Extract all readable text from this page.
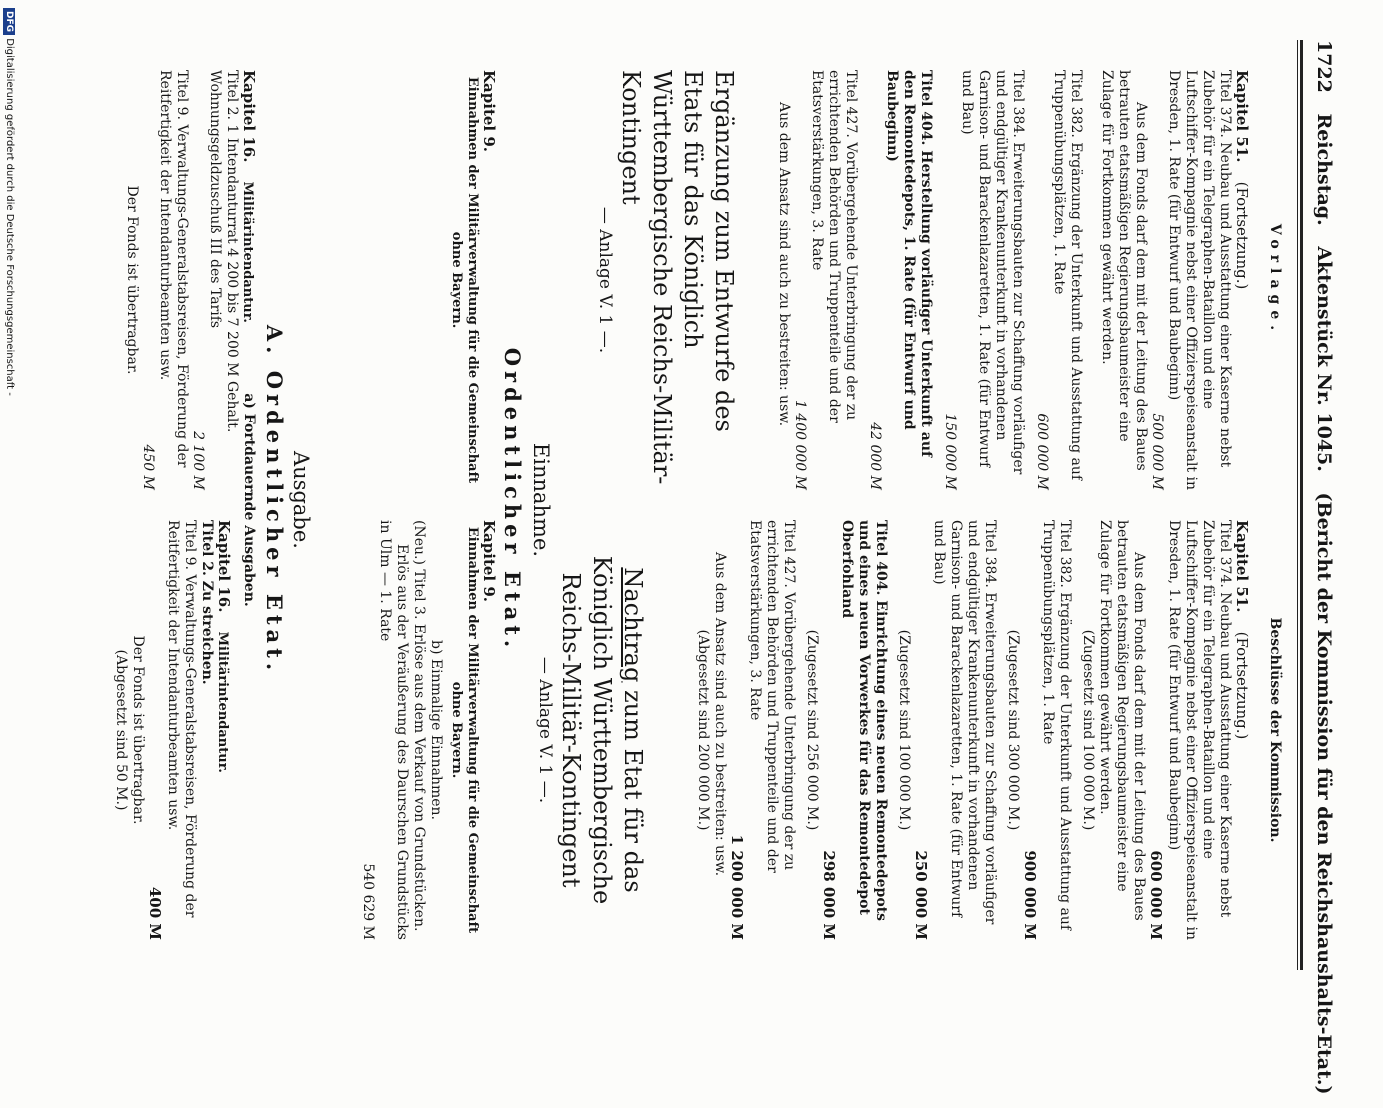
1722 Reichstag. Aktenstück Nr. 1045. (Bericht der Kommission für den Reichshaushalts-Etat.)
Vorlage.
Kapitel 51. (Fortsetzung.)
Titel 374. Neubau und Ausstattung einer Kaserne nebst Zubehör für ein Telegraphen-Bataillon und eine Luftschiffer-Kompagnie nebst einer Offizierspeiseanstalt in Dresden, 1. Rate (für Entwurf und Baubeginn)
500 000 M
Aus dem Fonds darf dem mit der Leitung des Baues betrauten etatsmäßigen Regierungsbaumeister eine Zulage für Fortkommen gewährt werden.
Titel 382. Ergänzung der Unterkunft und Ausstattung auf Truppenübungsplätzen, 1. Rate
600 000 M
Titel 384. Erweiterungsbauten zur Schaffung vorläufiger und endgültiger Krankenunterkunft in vorhandenen Garnison- und Barackenlazaretten, 1. Rate (für Entwurf und Bau)
150 000 M
Titel 404. Herstellung vorläufiger Unterkunft auf den Remontedepots, 1. Rate (für Entwurf und Baubeginn)
42 000 M
Titel 427. Vorübergehende Unterbringung der zu errichtenden Behörden und Truppenteile und der Etatsverstärkungen, 3. Rate
1 400 000 M
Aus dem Ansatz sind auch zu bestreiten: usw.
Ergänzung zum Entwurfe des Etats für das Königlich Württembergische Reichs-Militär-Kontingent
— Anlage V. 1 —.
Kapitel 9.
Einnahmen der Militärverwaltung für die Gemeinschaft ohne Bayern.
Kapitel 16. Militärintendantur.
Titel 2. 1 Intendanturrat 4 200 bis 7 200 M Gehalt. Wohnungsgeldzuschuß III des Tarifs
2 100 M
Titel 9. Verwaltungs-Generalstabsreisen, Förderung der Reitfertigkeit der Intendanturbeamten usw.
450 M
Der Fonds ist übertragbar.
Einnahme.
Ordentlicher Etat.
Ausgabe.
A. Ordentlicher Etat.
a) Fortdauernde Ausgaben.
Beschlüsse der Kommission.
Kapitel 51. (Fortsetzung.)
Titel 374. Neubau und Ausstattung einer Kaserne nebst Zubehör für ein Telegraphen-Bataillon und eine Luftschiffer-Kompagnie nebst einer Offizierspeiseanstalt in Dresden, 1. Rate (für Entwurf und Baubeginn)
600 000 M
Aus dem Fonds darf dem mit der Leitung des Baues betrauten etatsmäßigen Regierungsbaumeister eine Zulage für Fortkommen gewährt werden.
(Zugesetzt sind 100 000 M.)
Titel 382. Ergänzung der Unterkunft und Ausstattung auf Truppenübungsplätzen, 1. Rate
900 000 M
(Zugesetzt sind 300 000 M.)
Titel 384. Erweiterungsbauten zur Schaffung vorläufiger und endgültiger Krankenunterkunft in vorhandenen Garnison- und Barackenlazaretten, 1. Rate (für Entwurf und Bau)
250 000 M
(Zugesetzt sind 100 000 M.)
Titel 404. Einrichtung eines neuen Remontedepots und eines neuen Vorwerkes für das Remontedepot Oberfohland
298 000 M
(Zugesetzt sind 256 000 M.)
Titel 427. Vorübergehende Unterbringung der zu errichtenden Behörden und Truppenteile und der Etatsverstärkungen, 3. Rate
1 200 000 M
Aus dem Ansatz sind auch zu bestreiten: usw.
(Abgesetzt sind 200 000 M.)
Nachtrag zum Etat für das Königlich Württembergische Reichs-Militär-Kontingent
— Anlage V. 1 —.
Kapitel 9.
Einnahmen der Militärverwaltung für die Gemeinschaft ohne Bayern.
b) Einmalige Einnahmen.
(Neu.) Titel 3. Erlöse aus dem Verkauf von Grundstücken.
Erlös aus der Veräußerung des Daurschen Grundstücks in Ulm — 1. Rate
540 629 M
Kapitel 16. Militärintendantur.
Titel 2. Zu streichen.
Titel 9. Verwaltungs-Generalstabsreisen, Förderung der Reitfertigkeit der Intendanturbeamten usw.
400 M
Der Fonds ist übertragbar.
(Abgesetzt sind 50 M.)
DFG Digitalisierung gefördert durch die Deutsche Forschungsgemeinschaft -
